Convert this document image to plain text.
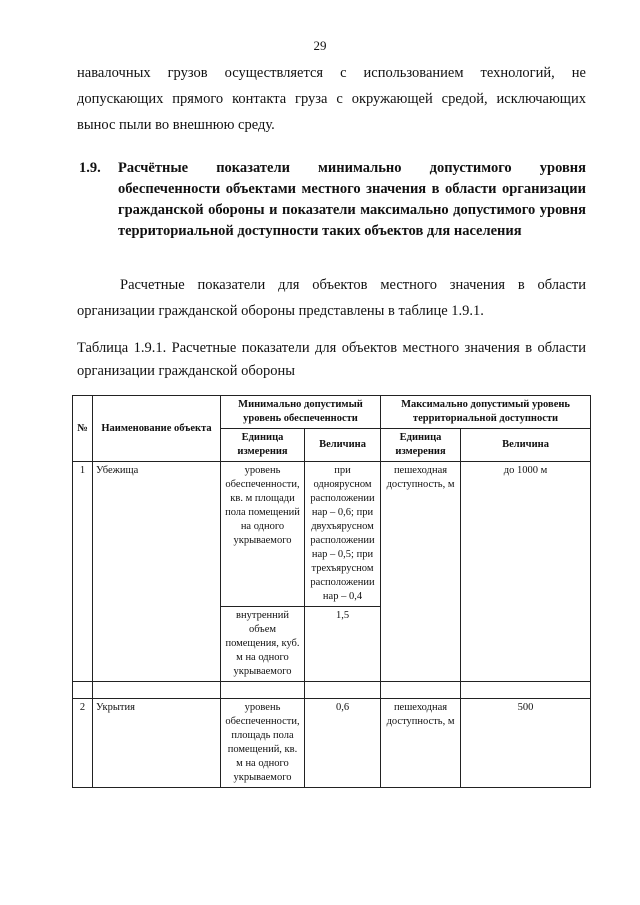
29
навалочных грузов осуществляется с использованием технологий, не допускающих прямого контакта груза с окружающей средой, исключающих вынос пыли во внешнюю среду.
1.9. Расчётные показатели минимально допустимого уровня обеспеченности объектами местного значения в области организации гражданской обороны и показатели максимально допустимого уровня территориальной доступности таких объектов для населения
Расчетные показатели для объектов местного значения в области организации гражданской обороны представлены в таблице 1.9.1.
Таблица 1.9.1. Расчетные показатели для объектов местного значения в области организации гражданской обороны
№	Наименование объекта	Минимально допустимый уровень обеспеченности		Максимально допустимый уровень территориальной доступности	
		Единица измерения	Величина	Единица измерения	Величина
1	Убежища	уровень обеспеченности, кв. м площади пола помещений на одного укрываемого	при одноярусном расположении нар – 0,6; при двухъярусном расположении нар – 0,5; при трехъярусном расположении нар – 0,4	пешеходная доступность, м	до 1000 м
		внутренний объем помещения, куб. м на одного укрываемого	1,5		

2	Укрытия	уровень обеспеченности, площадь пола помещений, кв. м на одного укрываемого	0,6	пешеходная доступность, м	500
